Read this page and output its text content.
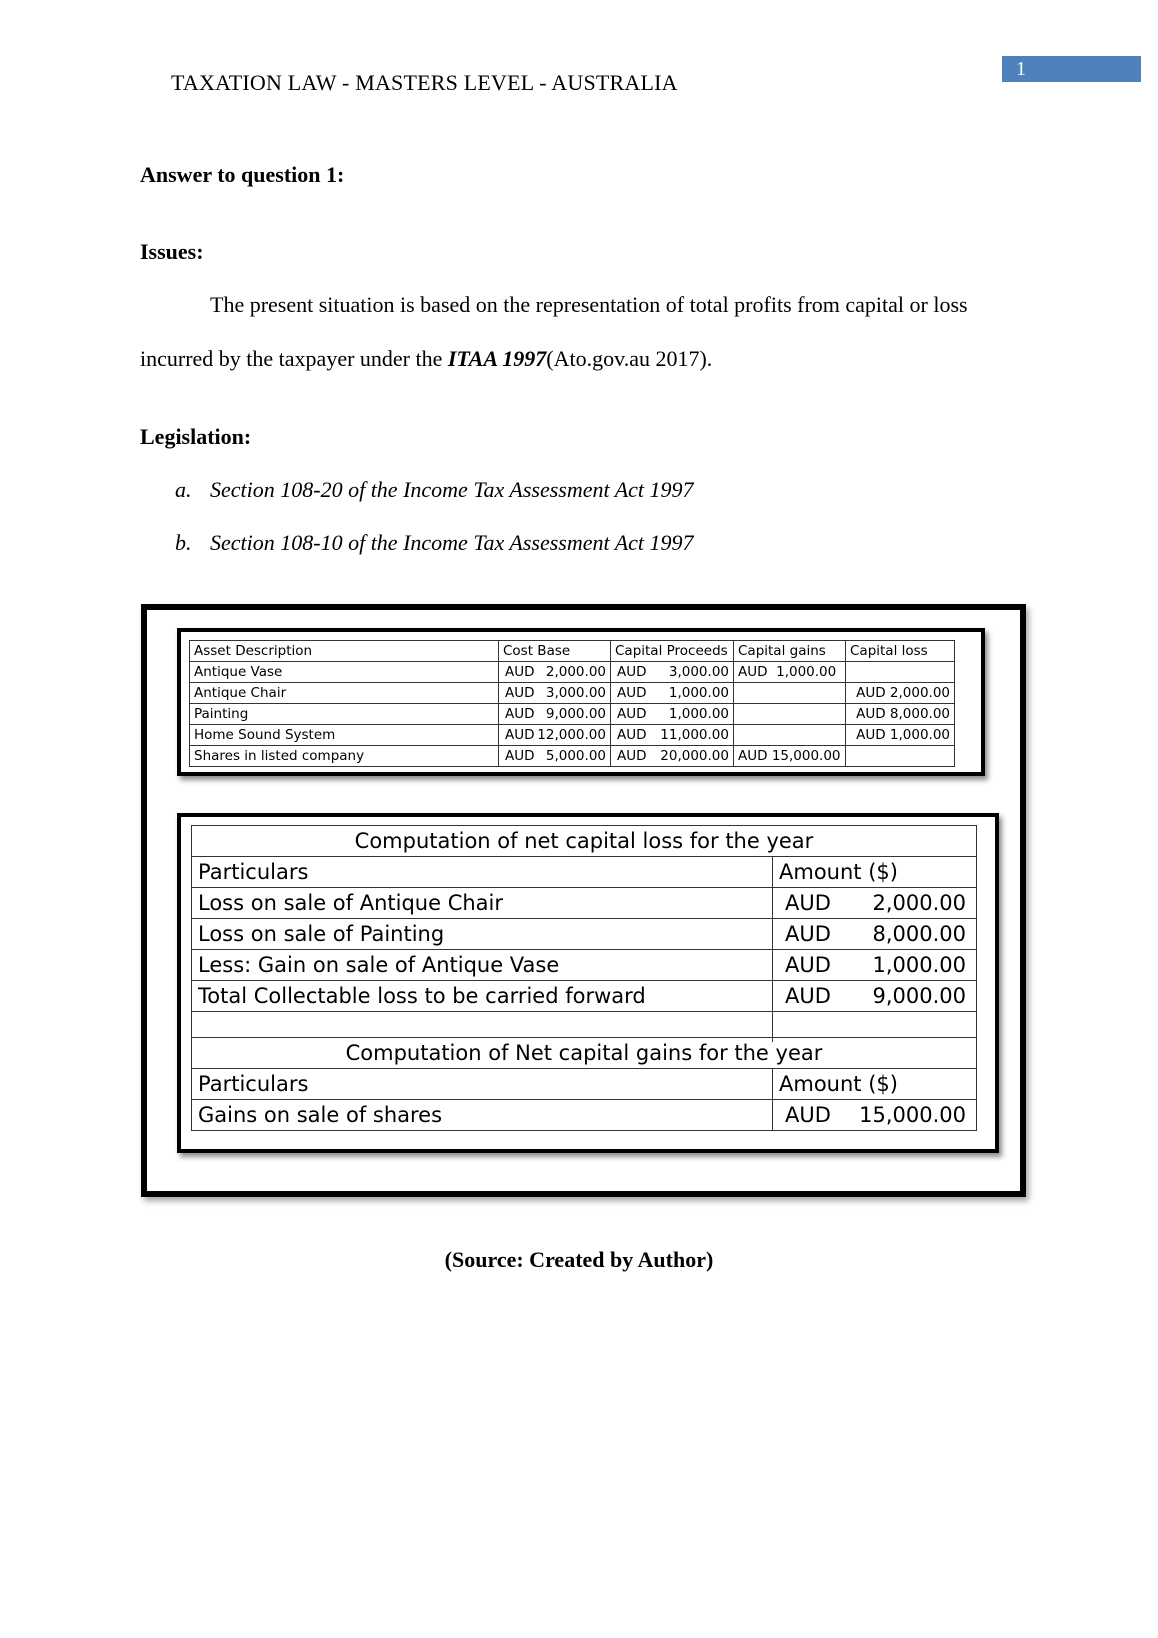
TAXATION LAW - MASTERS LEVEL - AUSTRALIA
1
Answer to question 1:
Issues:
The present situation is based on the representation of total profits from capital or loss
incurred by the taxpayer under the ITAA 1997(Ato.gov.au 2017).
Legislation:
a. Section 108-20 of the Income Tax Assessment Act 1997
b. Section 108-10 of the Income Tax Assessment Act 1997
Asset Description	Cost Base	Capital Proceeds	Capital gains	Capital loss
Antique Vase	AUD 2,000.00	AUD 3,000.00	AUD 1,000.00	
Antique Chair	AUD 3,000.00	AUD 1,000.00		AUD 2,000.00
Painting	AUD 9,000.00	AUD 1,000.00		AUD 8,000.00
Home Sound System	AUD 12,000.00	AUD 11,000.00		AUD 1,000.00
Shares in listed company	AUD 5,000.00	AUD 20,000.00	AUD 15,000.00	
Computation of net capital loss for the year	
Particulars	Amount ($)
Loss on sale of Antique Chair	AUD 2,000.00

Loss on sale of Painting	AUD 8,000.00

Less: Gain on sale of Antique Vase	AUD 1,000.00

Total Collectable loss to be carried forward	AUD 9,000.00

Computation of Net capital gains for the year	
Particulars	Amount ($)
Gains on sale of shares	AUD 15,000.00
(Source: Created by Author)
